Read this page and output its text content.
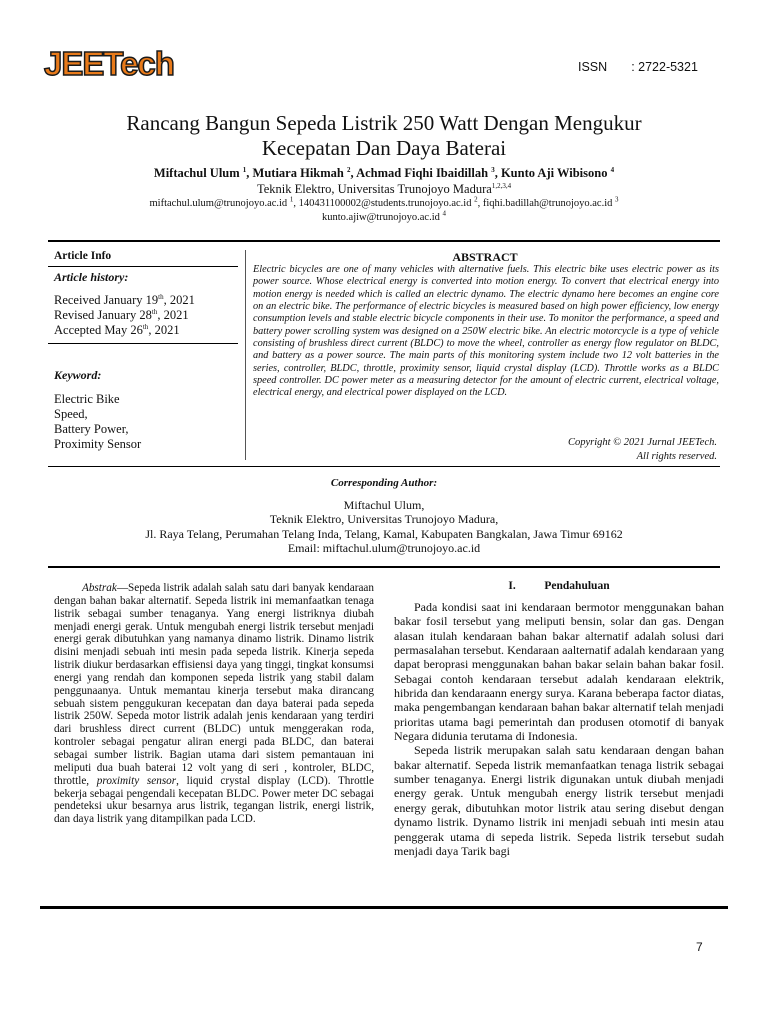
JEETech	ISSN : 2722-5321
Rancang Bangun Sepeda Listrik 250 Watt Dengan Mengukur
Kecepatan Dan Daya Baterai
Miftachul Ulum $^1$, Mutiara Hikmah $^2$, Achmad Fiqhi Ibaidillah $^3$, Kunto Aji Wibisono $^4$
Teknik Elektro, Universitas Trunojoyo Madura$^{1,2,3,4}$
miftachul.ulum@trunojoyo.ac.id $^1$, 140431100002@students.trunojoyo.ac.id $^2$, fiqhi.badillah@trunojoyo.ac.id $^3$
kunto.ajiw@trunojoyo.ac.id $^4$
Article Info
Article history:
Received January 19th, 2021
Revised January 28th, 2021
Accepted May 26th, 2021
Keyword:
Electric Bike
Speed,
Battery Power,
Proximity Sensor
ABSTRACT
Electric bicycles are one of many vehicles with alternative fuels. This electric bike uses electric power as its power source. Whose electrical energy is converted into motion energy. To convert that electrical energy into motion energy is needed which is called an electric dynamo. The electric dynamo here becomes an engine core on an electric bike. The performance of electric bicycles is measured based on high power efficiency, low energy consumption levels and stable electric bicycle components in their use. To monitor the performance, a speed and battery power scrolling system was designed on a 250W electric bike. An electric motorcycle is a type of vehicle consisting of brushless direct current (BLDC) to move the wheel, controller as energy flow regulator on BLDC, and battery as a power source. The main parts of this monitoring system include two 12 volt batteries in the series, controller, BLDC, throttle, proximity sensor, liquid crystal display (LCD). Throttle works as a BLDC speed controller. DC power meter as a measuring detector for the amount of electric current, electrical voltage, electrical energy, and electrical power displayed on the LCD.
Copyright © 2021 Jurnal JEETech.
All rights reserved.
Corresponding Author:
Miftachul Ulum,
Teknik Elektro, Universitas Trunojoyo Madura,
Jl. Raya Telang, Perumahan Telang Inda, Telang, Kamal, Kabupaten Bangkalan, Jawa Timur 69162
Email: miftachul.ulum@trunojoyo.ac.id

Abstrak—Sepeda listrik adalah salah satu dari banyak kendaraan dengan bahan bakar alternatif. Sepeda listrik ini memanfaatkan tenaga listrik sebagai sumber tenaganya. Yang energi listriknya diubah menjadi energi gerak. Untuk mengubah energi listrik tersebut menjadi energi gerak dibutuhkan yang namanya dinamo listrik. Dinamo listrik disini menjadi sebuah inti mesin pada sepeda listrik. Kinerja sepeda listrik diukur berdasarkan effisiensi daya yang tinggi, tingkat konsumsi energi yang rendah dan komponen sepeda listrik yang stabil dalam penggunaanya. Untuk memantau kinerja tersebut maka dirancang sebuah sistem penggukuran kecepatan dan daya baterai pada sepeda listrik 250W. Sepeda motor listrik adalah jenis kendaraan yang terdiri dari brushless direct current (BLDC) untuk menggerakan roda, kontroler sebagai pengatur aliran energi pada BLDC, dan baterai sebagai sumber listrik. Bagian utama dari sistem pemantauan ini meliputi dua buah baterai 12 volt yang di seri , kontroler, BLDC, throttle, proximity sensor, liquid crystal display (LCD). Throttle bekerja sebagai pengendali kecepatan BLDC. Power meter DC sebagai pendeteksi ukur besarnya arus listrik, tegangan listrik, energi listrik, dan daya listrik yang ditampilkan pada LCD.

I. Pendahuluan

Pada kondisi saat ini kendaraan bermotor menggunakan bahan bakar fosil tersebut yang meliputi bensin, solar dan gas. Dengan alasan itulah kendaraan bahan bakar alternatif adalah solusi dari permasalahan tersebut. Kendaraan aalternatif adalah kendaraan yang dapat beroprasi menggunakan bahan bakar selain bahan bakar fosil. Sebagai contoh kendaraan tersebut adalah kendaraan elektrik, hibrida dan kendaraann energy surya. Karana beberapa factor diatas, maka pengembangan kendaraan bahan bakar alternatif telah menjadi prioritas utama bagi pemerintah dan produsen otomotif di banyak Negara didunia terutama di Indonesia.

Sepeda listrik merupakan salah satu kendaraan dengan bahan bakar alternatif. Sepeda listrik memanfaatkan tenaga listrik sebagai sumber tenaganya. Energi listrik digunakan untuk diubah menjadi energy gerak. Untuk mengubah energy listrik tersebut menjadi energy gerak, dibutuhkan motor listrik atau sering disebut dengan dynamo listrik. Dynamo listrik ini menjadi sebuah inti mesin atau penggerak utama di sepeda listrik. Sepeda listrik tersebut sudah menjadi daya Tarik bagi

7
